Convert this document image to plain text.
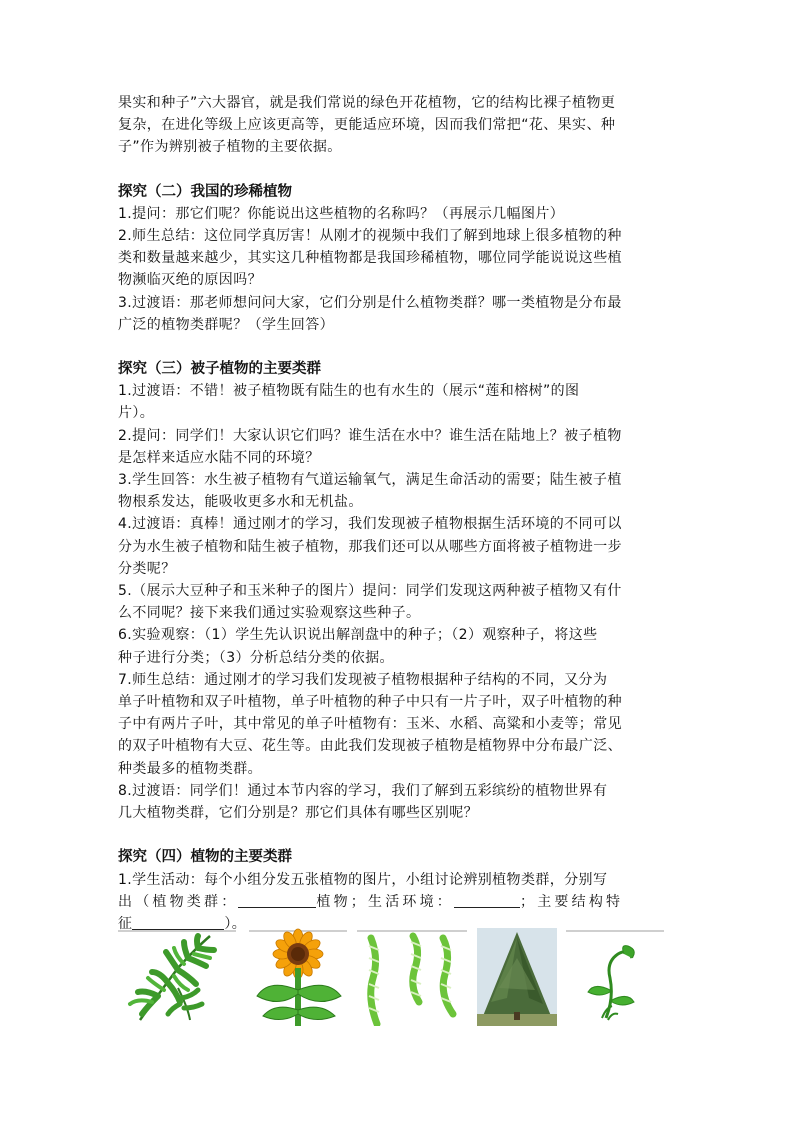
果实和种子”六大器官，就是我们常说的绿色开花植物，它的结构比裸子植物更

复杂，在进化等级上应该更高等，更能适应环境，因而我们常把“花、果实、种

子”作为辨别被子植物的主要依据。

探究（二）我国的珍稀植物

1.提问：那它们呢？你能说出这些植物的名称吗？（再展示几幅图片）

2.师生总结：这位同学真厉害！从刚才的视频中我们了解到地球上很多植物的种

类和数量越来越少，其实这几种植物都是我国珍稀植物，哪位同学能说说这些植

物濒临灭绝的原因吗？

3.过渡语：那老师想问问大家，它们分别是什么植物类群？哪一类植物是分布最

广泛的植物类群呢？（学生回答）

探究（三）被子植物的主要类群

1.过渡语：不错！被子植物既有陆生的也有水生的（展示“莲和榕树”的图

片）。

2.提问：同学们！大家认识它们吗？谁生活在水中？谁生活在陆地上？被子植物

是怎样来适应水陆不同的环境？

3.学生回答：水生被子植物有气道运输氧气，满足生命活动的需要；陆生被子植

物根系发达，能吸收更多水和无机盐。

4.过渡语：真棒！通过刚才的学习，我们发现被子植物根据生活环境的不同可以

分为水生被子植物和陆生被子植物，那我们还可以从哪些方面将被子植物进一步

分类呢？

5.（展示大豆种子和玉米种子的图片）提问：同学们发现这两种被子植物又有什

么不同呢？接下来我们通过实验观察这些种子。

6.实验观察：（1）学生先认识说出解剖盘中的种子；（2）观察种子，将这些

种子进行分类；（3）分析总结分类的依据。

7.师生总结：通过刚才的学习我们发现被子植物根据种子结构的不同，又分为

单子叶植物和双子叶植物，单子叶植物的种子中只有一片子叶，双子叶植物的种

子中有两片子叶，其中常见的单子叶植物有：玉米、水稻、高粱和小麦等；常见

的双子叶植物有大豆、花生等。由此我们发现被子植物是植物界中分布最广泛、

种类最多的植物类群。

8.过渡语：同学们！通过本节内容的学习，我们了解到五彩缤纷的植物世界有

几大植物类群，它们分别是？那它们具体有哪些区别呢？

探究（四）植物的主要类群

1.学生活动：每个小组分发五张植物的图片，小组讨论辨别植物类群，分别写

出（植物类群：	植物；生活环境：	；主要结构特

征	）。
